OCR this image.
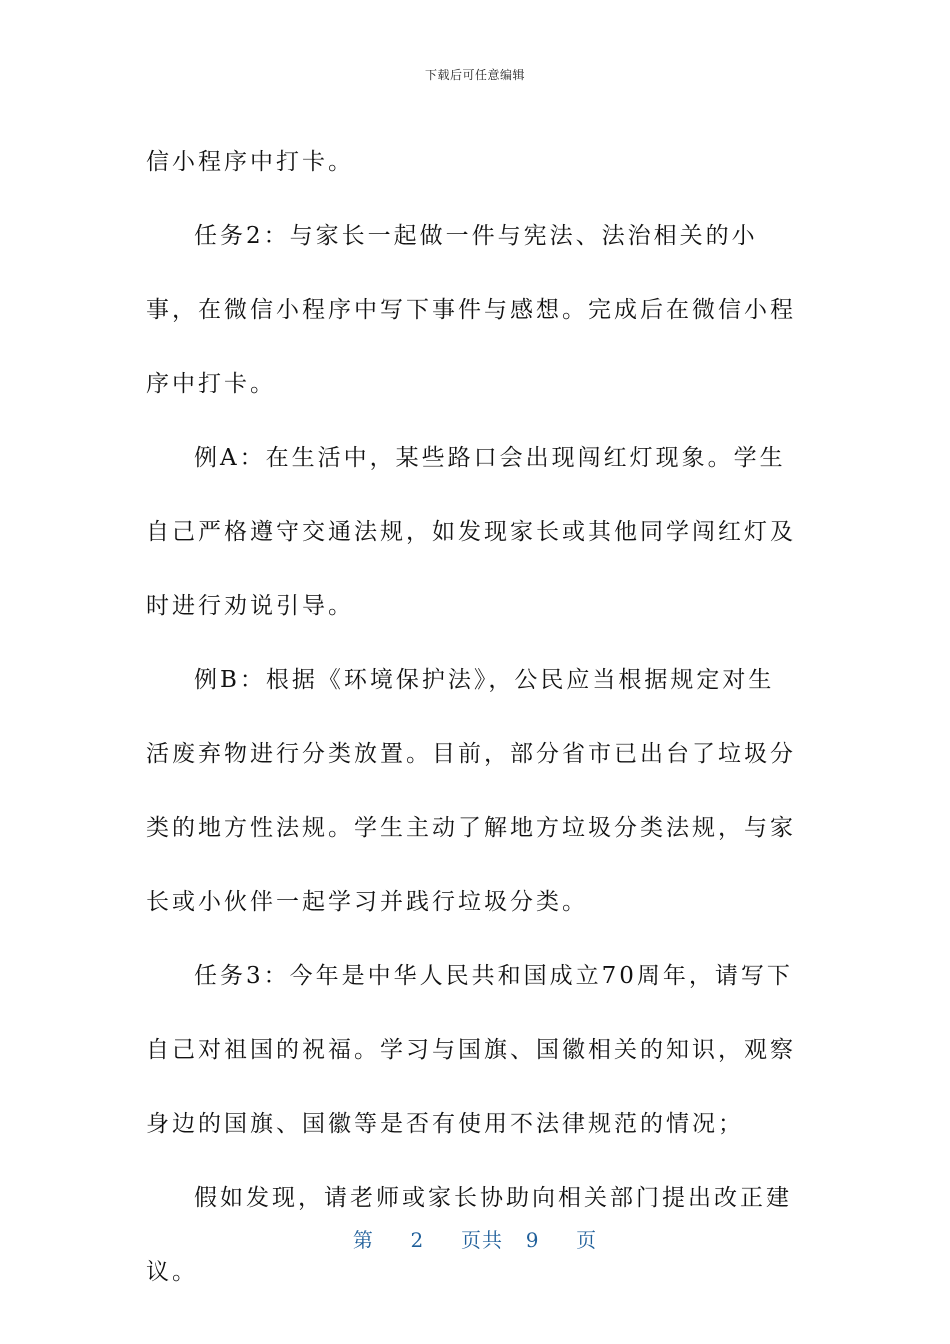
下载后可任意编辑

信小程序中打卡。

任务2：与家长一起做一件与宪法、法治相关的小事，在微信小程序中写下事件与感想。完成后在微信小程序中打卡。

例A：在生活中，某些路口会出现闯红灯现象。学生自己严格遵守交通法规，如发现家长或其他同学闯红灯及时进行劝说引导。

例B：根据《环境保护法》，公民应当根据规定对生活废弃物进行分类放置。目前，部分省市已出台了垃圾分类的地方性法规。学生主动了解地方垃圾分类法规，与家长或小伙伴一起学习并践行垃圾分类。

任务3：今年是中华人民共和国成立70周年，请写下自己对祖国的祝福。学习与国旗、国徽相关的知识，观察身边的国旗、国徽等是否有使用不法律规范的情况；

假如发现，请老师或家长协助向相关部门提出改正建议。

第 2 页共 9 页
